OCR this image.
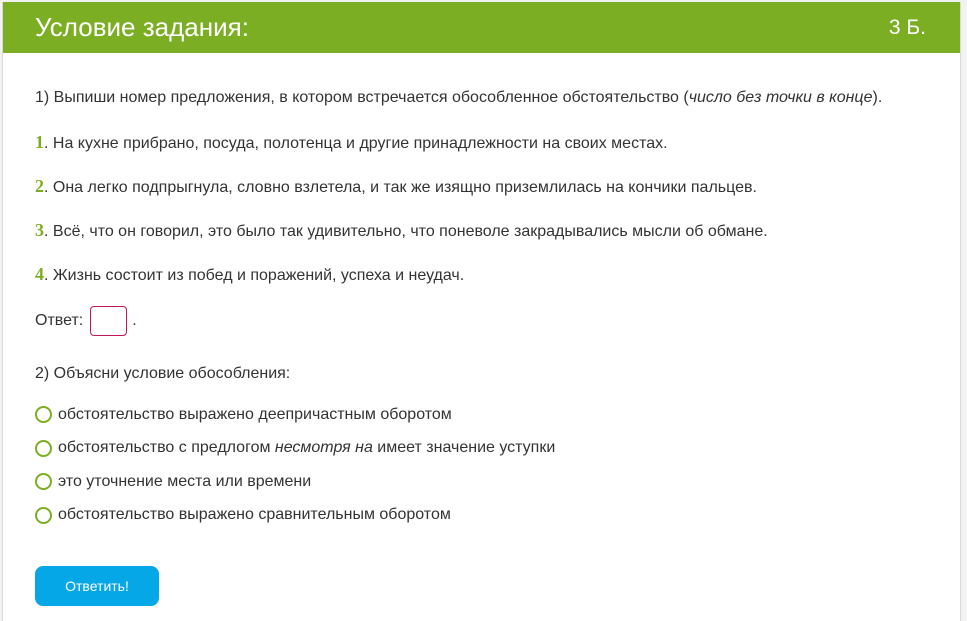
Условие задания:	3 Б.

1) Выпиши номер предложения, в котором встречается обособленное обстоятельство (число без точки в конце).

1. На кухне прибрано, посуда, полотенца и другие принадлежности на своих местах.

2. Она легко подпрыгнула, словно взлетела, и так же изящно приземлилась на кончики пальцев.

3. Всё, что он говорил, это было так удивительно, что поневоле закрадывались мысли об обмане.

4. Жизнь состоит из побед и поражений, успеха и неудач.

Ответ:	.

2) Объясни условие обособления:

обстоятельство выражено деепричастным оборотом
обстоятельство с предлогом несмотря на имеет значение уступки
это уточнение места или времени
обстоятельство выражено сравнительным оборотом
Ответить!
